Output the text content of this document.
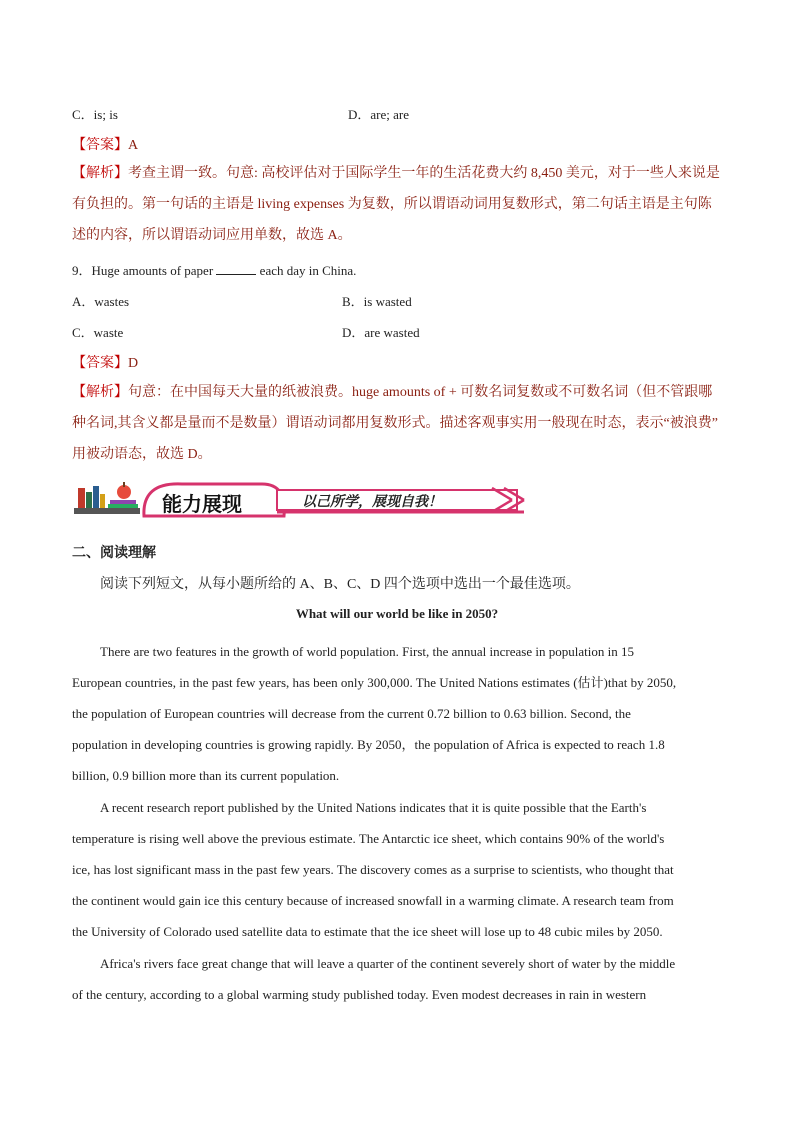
C．is; is	D．are; are
【答案】A
【解析】考查主谓一致。句意: 高校评估对于国际学生一年的生活花费大约 8,450 美元，对于一些人来说是
有负担的。第一句话的主语是 living expenses 为复数，所以谓语动词用复数形式，第二句话主语是主句陈
述的内容，所以谓语动词应用单数，故选 A。
9．Huge amounts of paper	each day in China.
A．wastes	B．is wasted
C．waste	D．are wasted
【答案】D
【解析】句意：在中国每天大量的纸被浪费。huge amounts of + 可数名词复数或不可数名词（但不管跟哪
种名词,其含义都是量而不是数量）谓语动词都用复数形式。描述客观事实用一般现在时态，表示“被浪费”
用被动语态，故选 D。
能力展现	以己所学，展现自我！
二、阅读理解
阅读下列短文，从每小题所给的 A、B、C、D 四个选项中选出一个最佳选项。
What will our world be like in 2050?
There are two features in the growth of world population. First, the annual increase in population in 15
European countries, in the past few years, has been only 300,000. The United Nations estimates (估计)that by 2050,
the population of European countries will decrease from the current 0.72 billion to 0.63 billion. Second, the
population in developing countries is growing rapidly. By 2050，the population of Africa is expected to reach 1.8
billion, 0.9 billion more than its current population.
A recent research report published by the United Nations indicates that it is quite possible that the Earth's
temperature is rising well above the previous estimate. The Antarctic ice sheet, which contains 90% of the world's
ice, has lost significant mass in the past few years. The discovery comes as a surprise to scientists, who thought that
the continent would gain ice this century because of increased snowfall in a warming climate. A research team from
the University of Colorado used satellite data to estimate that the ice sheet will lose up to 48 cubic miles by 2050.
Africa's rivers face great change that will leave a quarter of the continent severely short of water by the middle
of the century, according to a global warming study published today. Even modest decreases in rain in western
